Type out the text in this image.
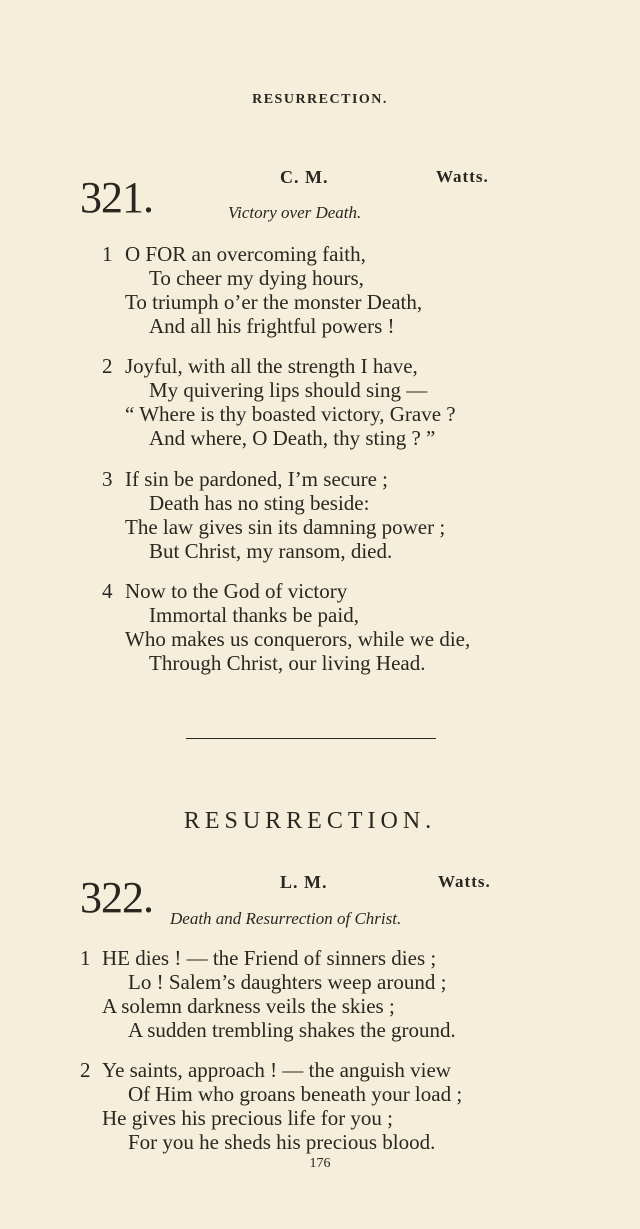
RESURRECTION.
321.	C. M.	Watts.
Victory over Death.
1 O FOR an overcoming faith,
To cheer my dying hours,
To triumph o’er the monster Death,
And all his frightful powers !
2 Joyful, with all the strength I have,
My quivering lips should sing —
“ Where is thy boasted victory, Grave ?
And where, O Death, thy sting ? ”
3 If sin be pardoned, I’m secure ;
Death has no sting beside:
The law gives sin its damning power ;
But Christ, my ransom, died.
4 Now to the God of victory
Immortal thanks be paid,
Who makes us conquerors, while we die,
Through Christ, our living Head.
RESURRECTION.
322.	L. M.	Watts.
Death and Resurrection of Christ.
1 HE dies ! — the Friend of sinners dies ;
Lo ! Salem’s daughters weep around ;
A solemn darkness veils the skies ;
A sudden trembling shakes the ground.
2 Ye saints, approach ! — the anguish view
Of Him who groans beneath your load ;
He gives his precious life for you ;
For you he sheds his precious blood.
176
